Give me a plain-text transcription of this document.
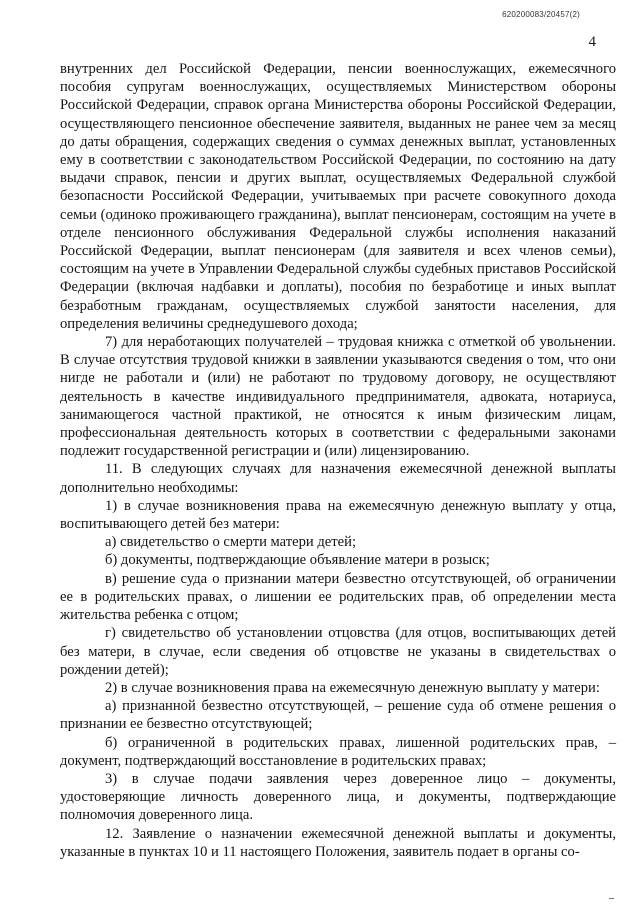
620200083/20457(2)
4

внутренних дел Российской Федерации, пенсии военнослужащих, ежемесячного пособия супругам военнослужащих, осуществляемых Министерством обороны Российской Федерации, справок органа Министерства обороны Российской Федерации, осуществляющего пенсионное обеспечение заявителя, выданных не ранее чем за месяц до даты обращения, содержащих сведения о суммах денежных выплат, установленных ему в соответствии с законодательством Российской Федерации, по состоянию на дату выдачи справок, пенсии и других выплат, осуществляемых Федеральной службой безопасности Российской Федерации, учитываемых при расчете совокупного дохода семьи (одиноко проживающего гражданина), выплат пенсионерам, состоящим на учете в отделе пенсионного обслуживания Федеральной службы исполнения наказаний Российской Федерации, выплат пенсионерам (для заявителя и всех членов семьи), состоящим на учете в Управлении Федеральной службы судебных приставов Российской Федерации (включая надбавки и доплаты), пособия по безработице и иных выплат безработным гражданам, осуществляемых службой занятости населения, для определения величины среднедушевого дохода;

7) для неработающих получателей – трудовая книжка с отметкой об увольнении. В случае отсутствия трудовой книжки в заявлении указываются сведения о том, что они нигде не работали и (или) не работают по трудовому договору, не осуществляют деятельность в качестве индивидуального предпринимателя, адвоката, нотариуса, занимающегося частной практикой, не относятся к иным физическим лицам, профессиональная деятельность которых в соответствии с федеральными законами подлежит государственной регистрации и (или) лицензированию.

11. В следующих случаях для назначения ежемесячной денежной выплаты дополнительно необходимы:

1) в случае возникновения права на ежемесячную денежную выплату у отца, воспитывающего детей без матери:

а) свидетельство о смерти матери детей;

б) документы, подтверждающие объявление матери в розыск;

в) решение суда о признании матери безвестно отсутствующей, об ограничении ее в родительских правах, о лишении ее родительских прав, об определении места жительства ребенка с отцом;

г) свидетельство об установлении отцовства (для отцов, воспитывающих детей без матери, в случае, если сведения об отцовстве не указаны в свидетельствах о рождении детей);

2) в случае возникновения права на ежемесячную денежную выплату у матери:

а) признанной безвестно отсутствующей, – решение суда об отмене решения о признании ее безвестно отсутствующей;

б) ограниченной в родительских правах, лишенной родительских прав, – документ, подтверждающий восстановление в родительских правах;

3) в случае подачи заявления через доверенное лицо – документы, удостоверяющие личность доверенного лица, и документы, подтверждающие полномочия доверенного лица.

12. Заявление о назначении ежемесячной денежной выплаты и документы, указанные в пунктах 10 и 11 настоящего Положения, заявитель подает в органы со-
